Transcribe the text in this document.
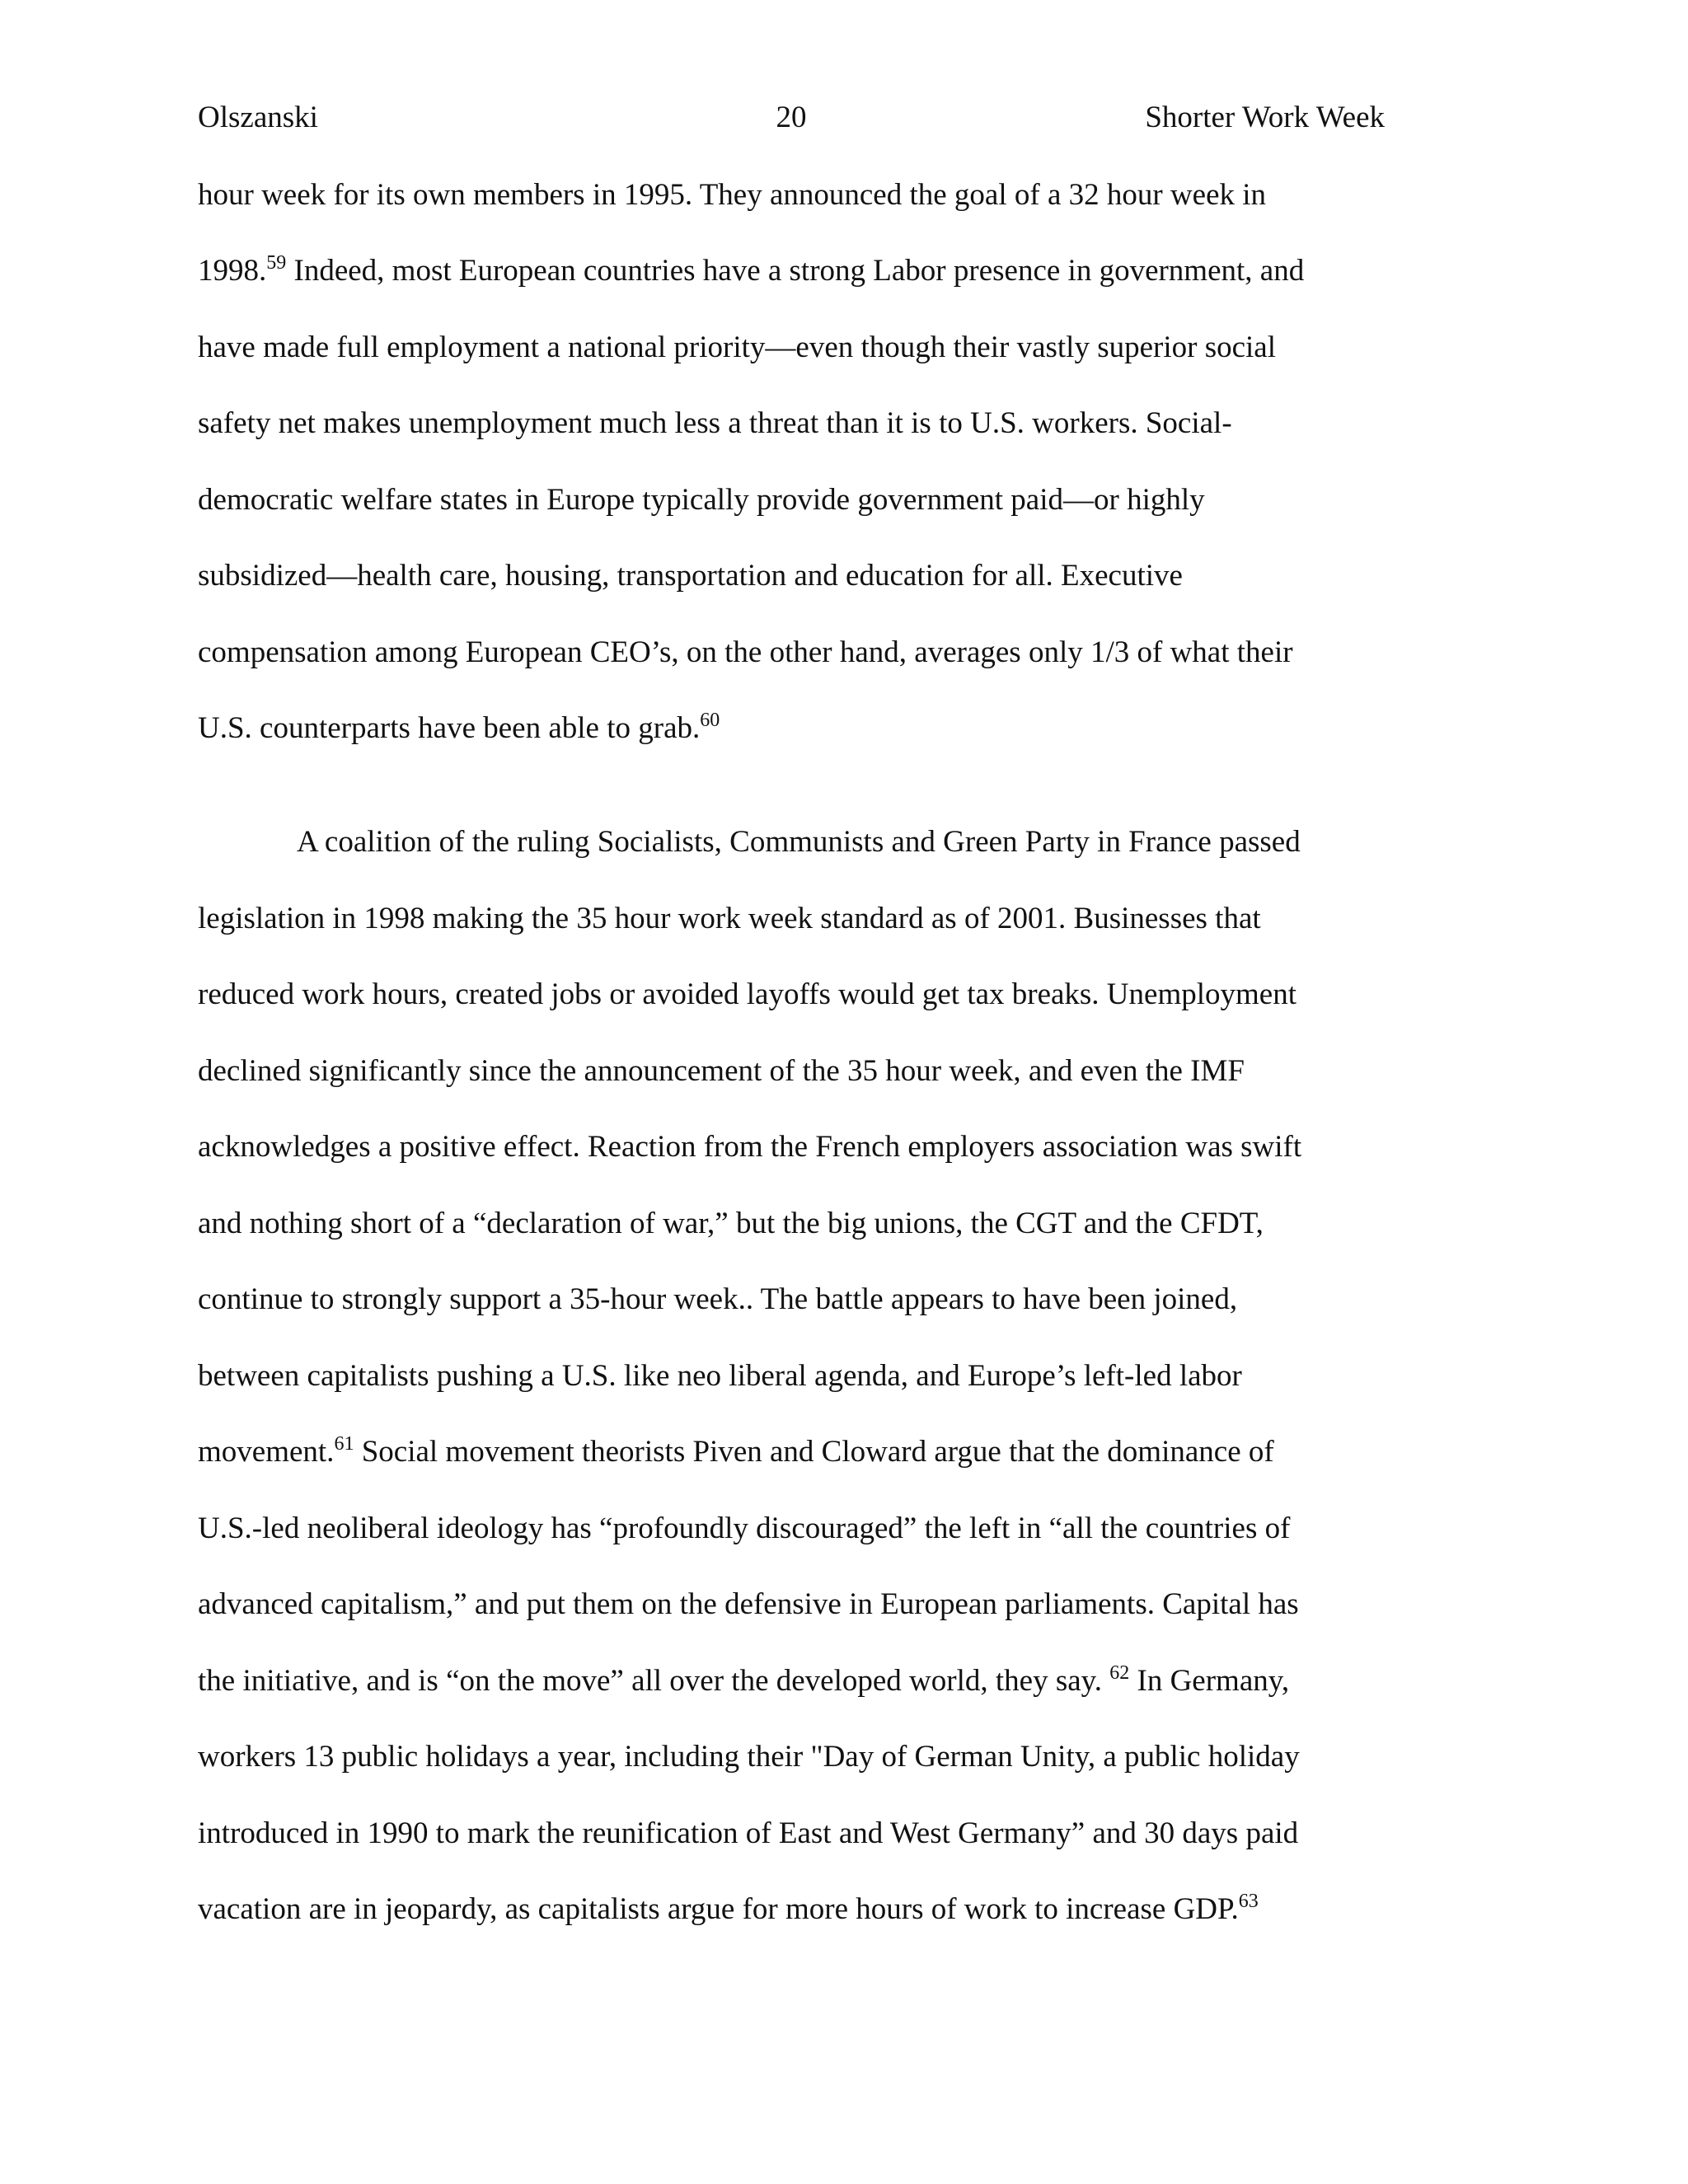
Olszanski	20	Shorter Work Week
hour week for its own members in 1995. They announced the goal of a 32 hour week in
1998.59 Indeed, most European countries have a strong Labor presence in government, and
have made full employment a national priority—even though their vastly superior social
safety net makes unemployment much less a threat than it is to U.S. workers. Social-
democratic welfare states in Europe typically provide government paid—or highly
subsidized—health care, housing, transportation and education for all. Executive
compensation among European CEO’s, on the other hand, averages only 1/3 of what their
U.S. counterparts have been able to grab.$^{60}$
A coalition of the ruling Socialists, Communists and Green Party in France passed
legislation in 1998 making the 35 hour work week standard as of 2001. Businesses that
reduced work hours, created jobs or avoided layoffs would get tax breaks. Unemployment
declined significantly since the announcement of the 35 hour week, and even the IMF
acknowledges a positive effect. Reaction from the French employers association was swift
and nothing short of a “declaration of war,” but the big unions, the CGT and the CFDT,
continue to strongly support a 35-hour week.. The battle appears to have been joined,
between capitalists pushing a U.S. like neo liberal agenda, and Europe’s left-led labor
movement.$^{61}$ Social movement theorists Piven and Cloward argue that the dominance of
U.S.-led neoliberal ideology has “profoundly discouraged” the left in “all the countries of
advanced capitalism,” and put them on the defensive in European parliaments. Capital has
the initiative, and is “on the move” all over the developed world, they say. $^{62}$ In Germany,
workers 13 public holidays a year, including their "Day of German Unity, a public holiday
introduced in 1990 to mark the reunification of East and West Germany” and 30 days paid
vacation are in jeopardy, as capitalists argue for more hours of work to increase GDP.$^{63}$
